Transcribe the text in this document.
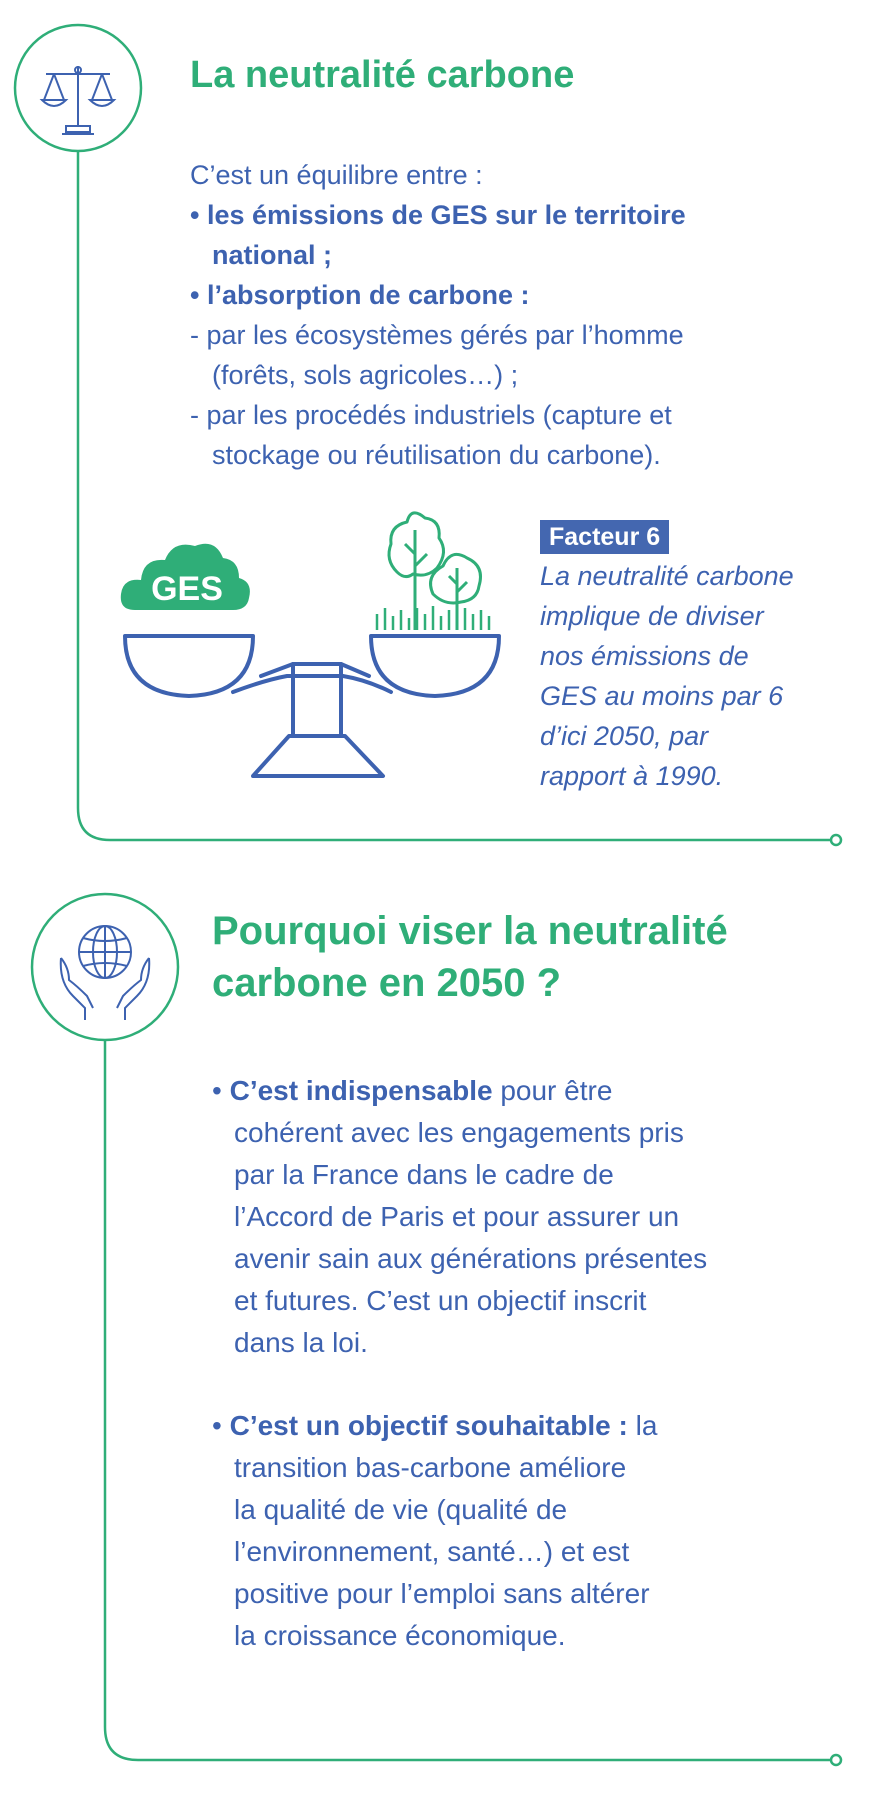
La neutralité carbone
C’est un équilibre entre :
• les émissions de GES sur le territoire
national ;
• l’absorption de carbone :
- par les écosystèmes gérés par l’homme
(forêts, sols agricoles…) ;
- par les procédés industriels (capture et
stockage ou réutilisation du carbone).
GES
Facteur 6

La neutralité carbone
implique de diviser
nos émissions de
GES au moins par 6
d’ici 2050, par
rapport à 1990.

Pourquoi viser la neutralité
carbone en 2050 ?
• C’est indispensable pour être
cohérent avec les engagements pris
par la France dans le cadre de
l’Accord de Paris et pour assurer un
avenir sain aux générations présentes
et futures. C’est un objectif inscrit
dans la loi.
• C’est un objectif souhaitable : la
transition bas-carbone améliore
la qualité de vie (qualité de
l’environnement, santé…) et est
positive pour l’emploi sans altérer
la croissance économique.
